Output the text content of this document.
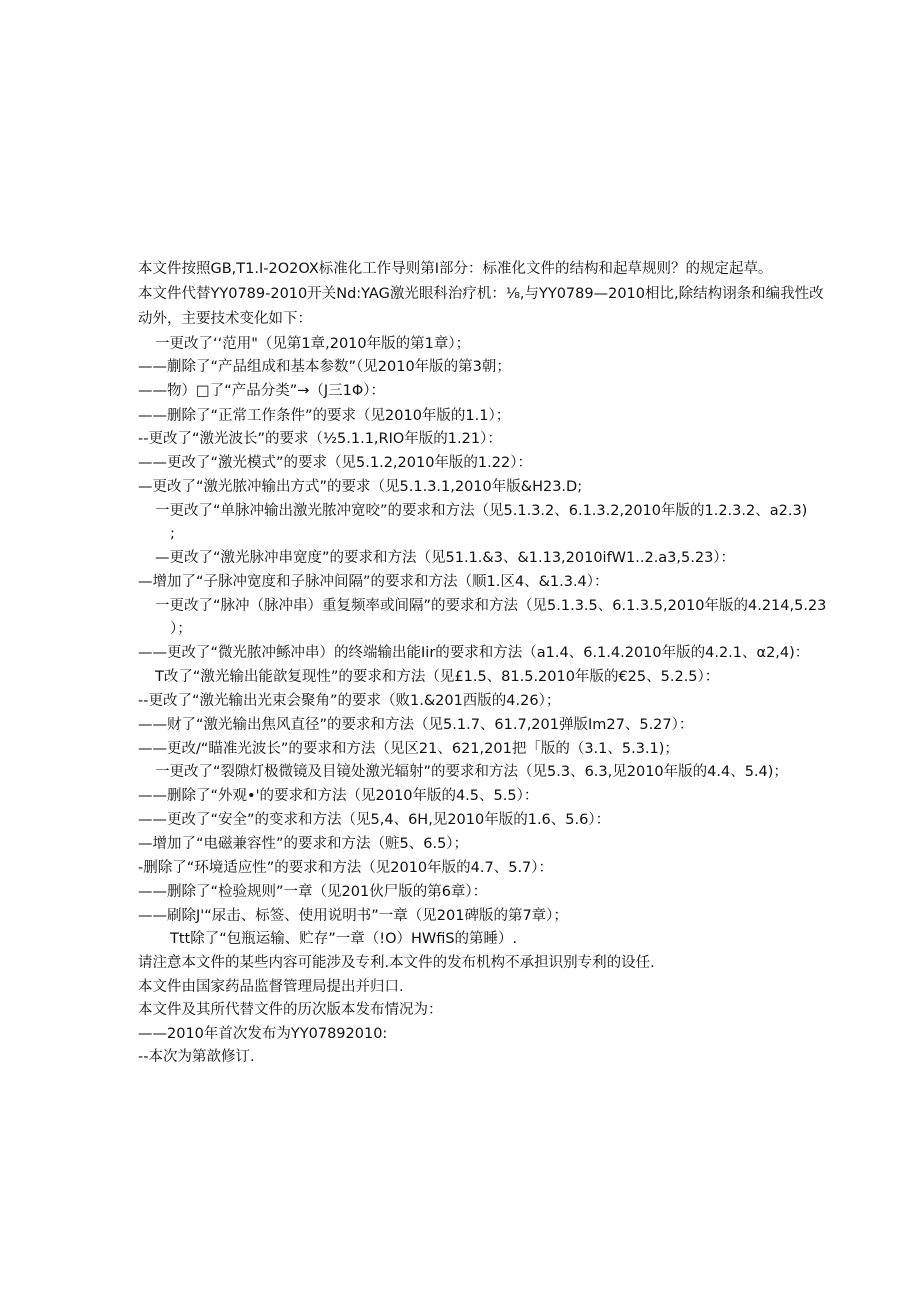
本文件按照GB,T1.I-2O2OX标准化工作导则第I部分：标准化文件的结构和起草规则？的规定起草。
本文件代替YY0789-2010开关Nd:YAG激光眼科治疗机：⅛,与YY0789—2010相比,除结构诩条和编我性改
动外，主要技术变化如下：
一更改了‘‘范用"（见第1章,2010年版的第1章）；
——蒯除了“产品组成和基本参数”（见2010年版的第3朝；
——物）□了“产品分类”→（J三1Φ）：
——删除了“正常工作条件”的要求（见2010年版的1.1）；
--更改了“激光波长”的要求（½5.1.1,RIO年版的1.21）：
——更改了“激光模式”的要求（见5.1.2,2010年版的1.22）：
—更改了“激光脓冲输出方式”的要求（见5.1.3.1,2010年版&H23.D;
一更改了“单脉冲输出激光脓冲宽咬”的要求和方法（见5.1.3.2、6.1.3.2,2010年版的1.2.3.2、a2.3)
;
—更改了“激光脉冲串宽度”的要求和方法（见51.1.&3、&1.13,2010ifW1..2.a3,5.23）：
—增加了“子脉冲宽度和子脉冲间隔”的要求和方法（顺1.区4、&1.3.4）：
一更改了“脉冲（脉冲串）重复频率或间隔”的要求和方法（见5.1.3.5、6.1.3.5,2010年版的4.214,5.23
）；
——更改了“微光脓冲鲧冲串）的终端输出能Iir的要求和方法（a1.4、6.1.4.2010年版的4.2.1、α2,4)：
T改了“激光输出能歆复现性”的要求和方法（见£1.5、81.5.2010年版的€25、5.2.5）：
--更改了“激光输出光束会聚角”的要求（败1.&201西版的4.26）；
——财了“激光输出焦风直径”的要求和方法（见5.1.7、61.7,201弹版Im27、5.27）：
——更改/“瞄准光波长”的要求和方法（见区21、621,201把「版的（3.1、5.3.1)；
一更改了“裂隙灯极微镜及目镜处激光辐射”的要求和方法（见5.3、6.3,见2010年版的4.4、5.4)；
——删除了“外观•'的要求和方法（见2010年版的4.5、5.5）：
——更改了“安全”的变求和方法（见5,4、6H,见2010年版的1.6、5.6）：
—增加了“电磁兼容性”的要求和方法（赃5、6.5）；
-删除了“环境适应性”的要求和方法（见2010年版的4.7、5.7）：
——删除了“检验规则”一章（见201伙尸版的第6章）：
——刷除J'“尿击、标签、使用说明书”一章（见201碑版的第7章）；
Ttt除了“包瓶运输、贮存”一章（!O）HWfiS的第睡）.
请注意本文件的某些内容可能涉及专利.本文件的发布机构不承担识别专利的设任.
本文件由国家药品监督管理局提出并归口.
本文件及其所代替文件的历次版本发布情况为：
——2010年首次发布为YY07892010:
--本次为第歆修订.
